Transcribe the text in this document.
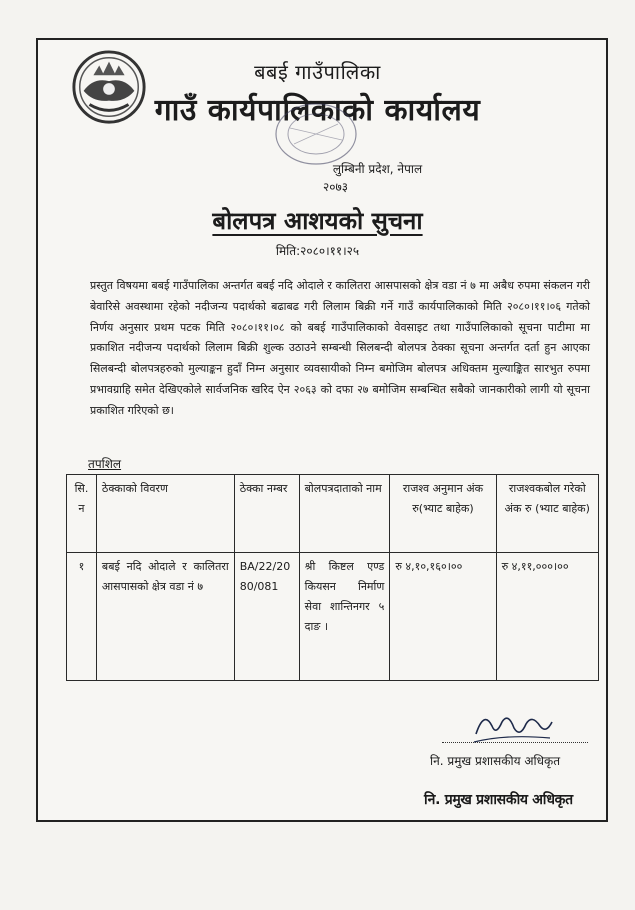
बबई गाउँपालिका
गाउँ कार्यपालिकाको कार्यालय
लुम्बिनी प्रदेश, नेपाल
२०७३
बोलपत्र आशयको सुचना
मिति:२०८०।११।२५
प्रस्तुत विषयमा बबई गाउँपालिका अन्तर्गत बबई नदि ओदाले र कालितरा आसपासको क्षेत्र वडा नं ७ मा अबैध रुपमा संकलन गरी बेवारिसे अवस्थामा रहेको नदीजन्य पदार्थको बढाबढ गरी लिलाम बिक्री गर्ने गाउँ कार्यपालिकाको मिति २०८०।११।०६ गतेको निर्णय अनुसार प्रथम पटक मिति २०८०।११।०८ को बबई गाउँपालिकाको वेवसाइट तथा गाउँपालिकाको सूचना पाटीमा मा प्रकाशित नदीजन्य पदार्थको लिलाम बिक्री शुल्क उठाउने सम्बन्धी सिलबन्दी बोलपत्र ठेक्का सूचना अन्तर्गत दर्ता हुन आएका सिलबन्दी बोलपत्रहरुको मुल्याङ्कन हुदाँ निम्न अनुसार व्यवसायीको निम्न बमोजिम बोलपत्र अधिक्तम मुल्याङ्कित सारभुत रुपमा प्रभावग्राहि समेत देखिएकोले सार्वजनिक खरिद ऐन २०६३ को दफा २७ बमोजिम सम्बन्धित सबैको जानकारीको लागी यो सूचना प्रकाशित गरिएको छ।
तपशिल
सि. न	ठेक्काको विवरण	ठेक्का नम्बर	बोलपत्रदाताको नाम	राजश्व अनुमान अंक रु(भ्याट बाहेक)	राजश्वकबोल गरेको अंक रु (भ्याट बाहेक)
१	बबई नदि ओदाले र कालितरा आसपासको क्षेत्र वडा नं ७	BA/22/20 80/081	श्री किष्टल एण्ड कियसन निर्माण सेवा शान्तिनगर ५ दाङ ।	रु ४,१०,१६०।००	रु ४,११,०००।००
नि. प्रमुख प्रशासकीय अधिकृत
नि. प्रमुख प्रशासकीय अधिकृत
